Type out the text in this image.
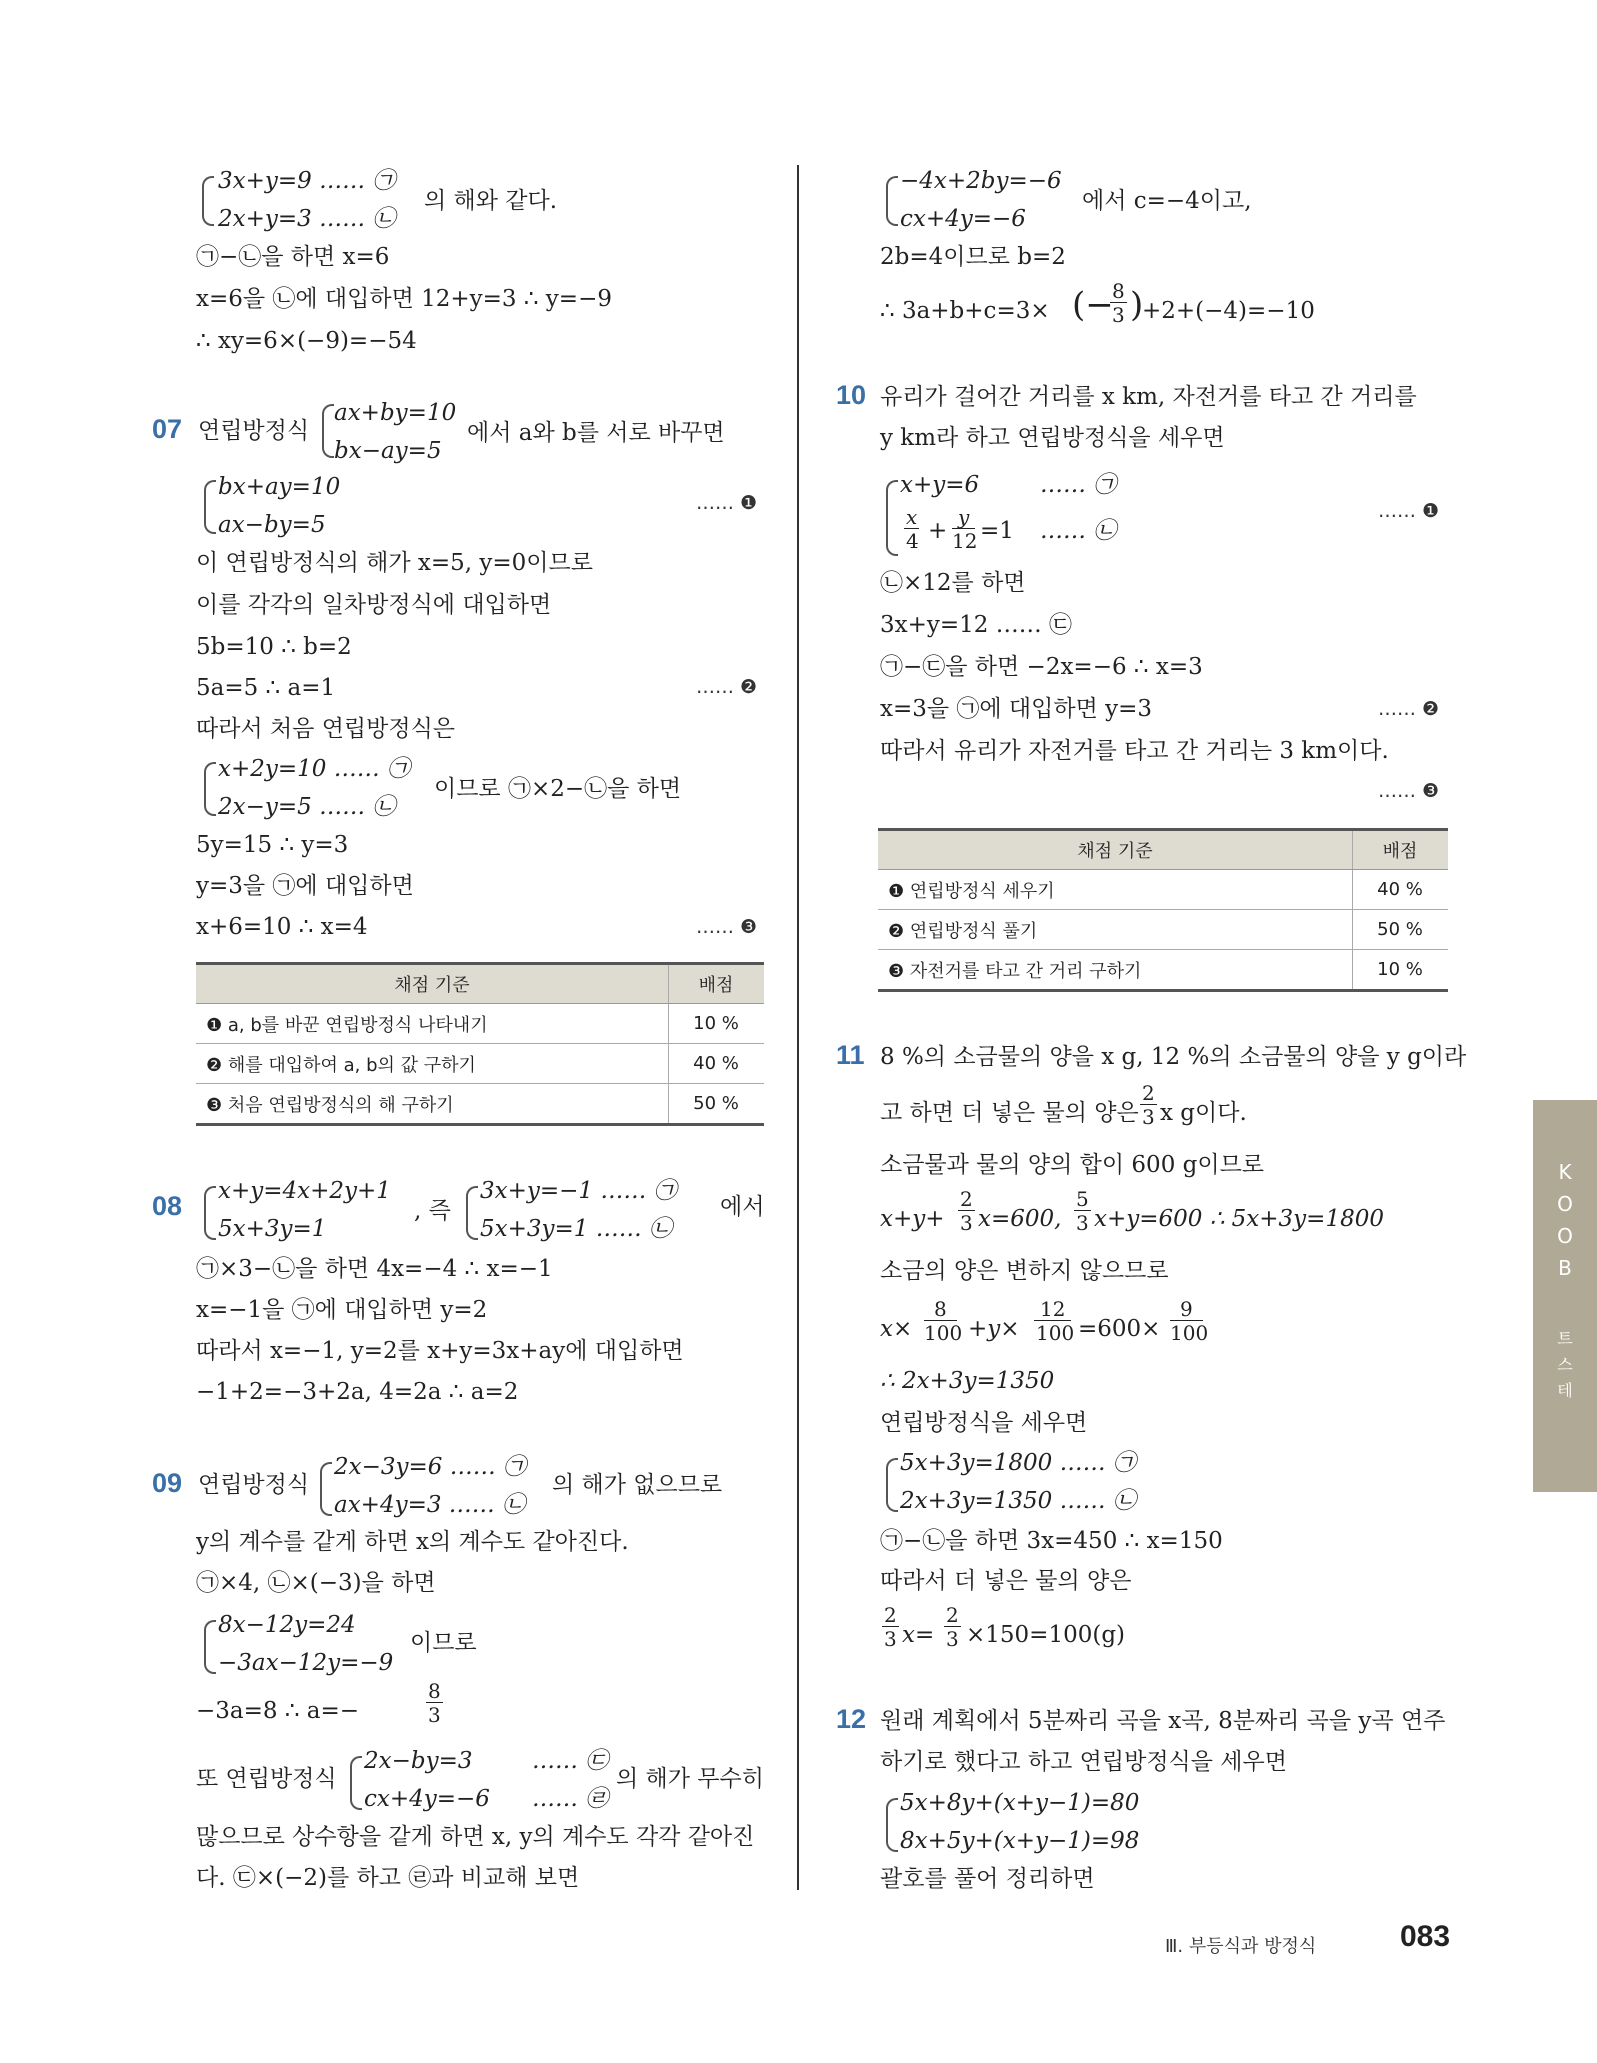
3x+y=9 …… ㉠
2x+y=3 …… ㉡
의 해와 같다.
㉠−㉡을 하면 x=6
x=6을 ㉡에 대입하면 12+y=3 ∴ y=−9
∴ xy=6×(−9)=−54
07 연립방정식
ax+by=10
bx−ay=5
에서 a와 b를 서로 바꾸면
bx+ay=10
ax−by=5
…… ❶
이 연립방정식의 해가 x=5, y=0이므로
이를 각각의 일차방정식에 대입하면
5b=10 ∴ b=2
5a=5 ∴ a=1	…… ❷
따라서 처음 연립방정식은
x+2y=10 …… ㉠
2x−y=5 …… ㉡
이므로 ㉠×2−㉡을 하면
5y=15 ∴ y=3
y=3을 ㉠에 대입하면
x+6=10 ∴ x=4	…… ❸
채점 기준	배점
❶ a, b를 바꾼 연립방정식 나타내기	10 %
❷ 해를 대입하여 a, b의 값 구하기	40 %
❸ 처음 연립방정식의 해 구하기	50 %
08 x+y=4x+2y+1
5x+3y=1
, 즉
3x+y=−1 …… ㉠
5x+3y=1 …… ㉡
에서
㉠×3−㉡을 하면 4x=−4 ∴ x=−1
x=−1을 ㉠에 대입하면 y=2
따라서 x=−1, y=2를 x+y=3x+ay에 대입하면
−1+2=−3+2a, 4=2a ∴ a=2
09 연립방정식
2x−3y=6 …… ㉠
ax+4y=3 …… ㉡
의 해가 없으므로
y의 계수를 같게 하면 x의 계수도 같아진다.
㉠×4, ㉡×(−3)을 하면
8x−12y=24
−3ax−12y=−9
이므로
−3a=8 ∴ a=−
8
3
또 연립방정식
2x−by=3	…… ㉢
cx+4y=−6 …… ㉣
의 해가 무수히
많으므로 상수항을 같게 하면 x, y의 계수도 각각 같아진
다. ㉢×(−2)를 하고 ㉣과 비교해 보면
−4x+2by=−6
cx+4y=−6
에서 c=−4이고,
2b=4이므로 b=2
∴ 3a+b+c=3× (−
8
3 )
+2+(−4)=−10
10 유리가 걸어간 거리를 x km, 자전거를 타고 간 거리를
y km라 하고 연립방정식을 세우면
x+y=6	…… ㉠
x
4 +
y
12 =1 …… ㉡
…… ❶
㉡×12를 하면
3x+y=12 …… ㉢
㉠−㉢을 하면 −2x=−6 ∴ x=3
x=3을 ㉠에 대입하면 y=3	…… ❷
따라서 유리가 자전거를 타고 간 거리는 3 km이다.
…… ❸
채점 기준	배점
❶ 연립방정식 세우기	40 %
❷ 연립방정식 풀기	50 %
❸ 자전거를 타고 간 거리 구하기	10 %
11 8 %의 소금물의 양을 x g, 12 %의 소금물의 양을 y g이라
고 하면 더 넣은 물의 양은
2
3 x g이다.
소금물과 물의 양의 합이 600 g이므로
x+y+
2
3 x=600,
5
3 x+y=600 ∴ 5x+3y=1800
소금의 양은 변하지 않으므로
x×
8
100 +y×
12
100 =600×
9
100
∴ 2x+3y=1350
연립방정식을 세우면
5x+3y=1800 …… ㉠
2x+3y=1350 …… ㉡
㉠−㉡을 하면 3x=450 ∴ x=150
따라서 더 넣은 물의 양은
2
3 x=
2
3 ×150=100(g)
12 원래 계획에서 5분짜리 곡을 x곡, 8분짜리 곡을 y곡 연주
하기로 했다고 하고 연립방정식을 세우면
5x+8y+(x+y−1)=80
8x+5y+(x+y−1)=98
괄호를 풀어 정리하면
B
O
O
K
테
스
트
Ⅲ. 부등식과 방정식	083
